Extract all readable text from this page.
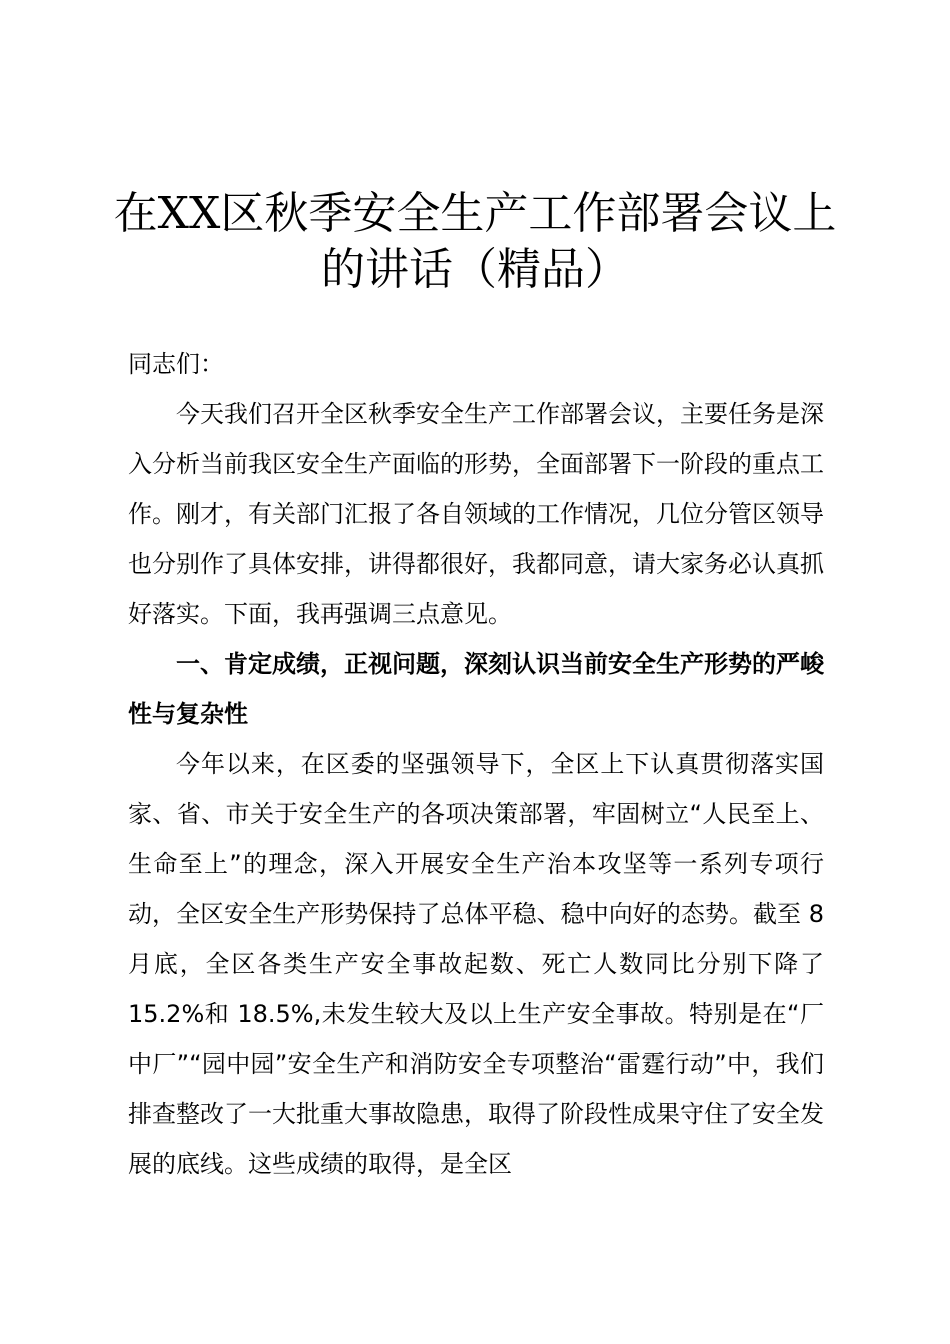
在XX区秋季安全生产工作部署会议上的讲话（精品）

同志们：

今天我们召开全区秋季安全生产工作部署会议，主要任务是深入分析当前我区安全生产面临的形势，全面部署下一阶段的重点工作。刚才，有关部门汇报了各自领域的工作情况，几位分管区领导也分别作了具体安排，讲得都很好，我都同意，请大家务必认真抓好落实。下面，我再强调三点意见。

一、肯定成绩，正视问题，深刻认识当前安全生产形势的严峻性与复杂性

今年以来，在区委的坚强领导下，全区上下认真贯彻落实国家、省、市关于安全生产的各项决策部署，牢固树立“人民至上、生命至上”的理念，深入开展安全生产治本攻坚等一系列专项行动，全区安全生产形势保持了总体平稳、稳中向好的态势。截至 8 月底，全区各类生产安全事故起数、死亡人数同比分别下降了 15.2%和 18.5%,未发生较大及以上生产安全事故。特别是在“厂中厂”“园中园”安全生产和消防安全专项整治“雷霆行动”中，我们排查整改了一大批重大事故隐患，取得了阶段性成果守住了安全发展的底线。这些成绩的取得，是全区
